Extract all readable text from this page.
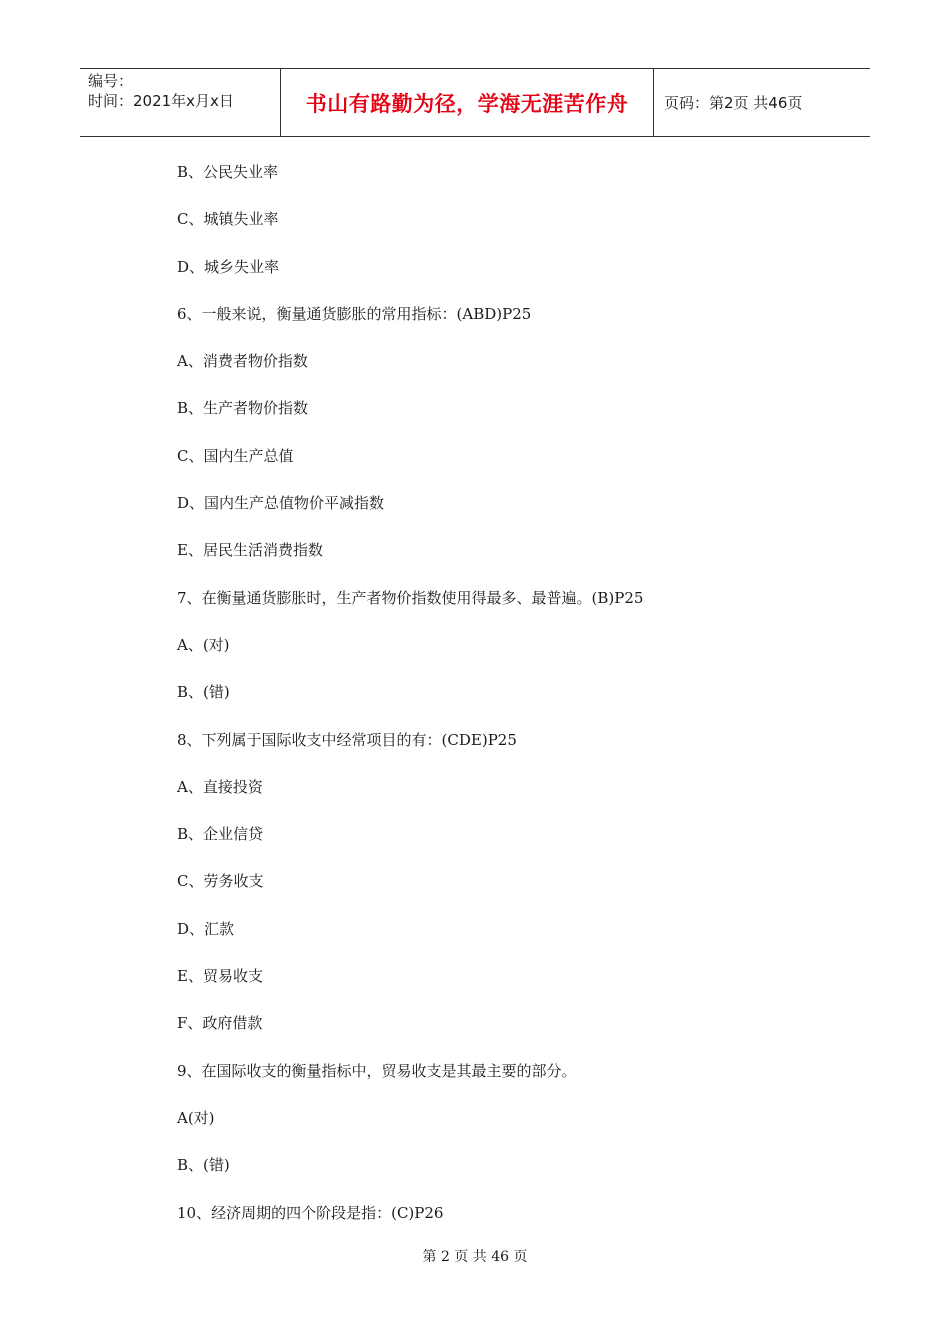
编号：
时间：2021年x月x日	书山有路勤为径，学海无涯苦作舟	页码：第2页 共46页
B、公民失业率
C、城镇失业率
D、城乡失业率
6、一般来说，衡量通货膨胀的常用指标：(ABD)P25
A、消费者物价指数
B、生产者物价指数
C、国内生产总值
D、国内生产总值物价平减指数
E、居民生活消费指数
7、在衡量通货膨胀时，生产者物价指数使用得最多、最普遍。(B)P25
A、(对)
B、(错)
8、下列属于国际收支中经常项目的有：(CDE)P25
A、直接投资
B、企业信贷
C、劳务收支
D、汇款
E、贸易收支
F、政府借款
9、在国际收支的衡量指标中，贸易收支是其最主要的部分。
A(对)
B、(错)
10、经济周期的四个阶段是指：(C)P26
第 2 页 共 46 页
